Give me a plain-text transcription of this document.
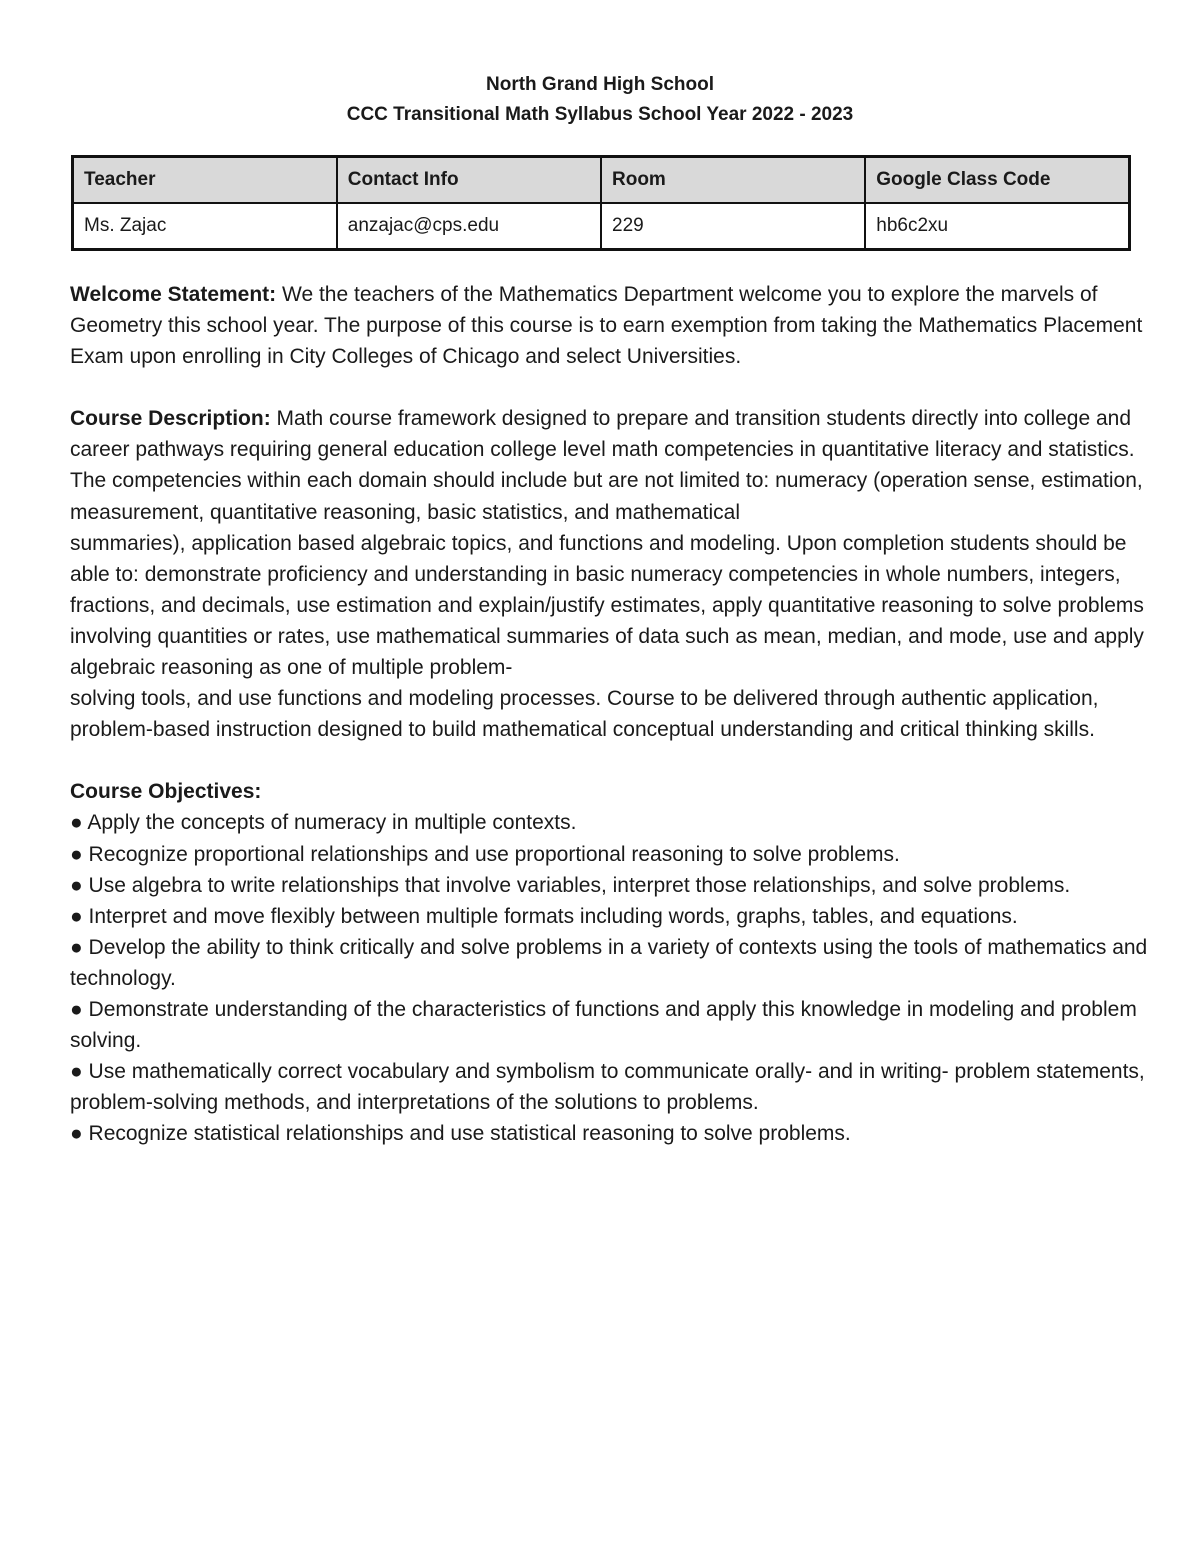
North Grand High School
CCC Transitional Math Syllabus School Year 2022 - 2023
Teacher	Contact Info	Room	Google Class Code
Ms. Zajac	anzajac@cps.edu	229	hb6c2xu

Welcome Statement: We the teachers of the Mathematics Department welcome you to explore the marvels of Geometry this school year. The purpose of this course is to earn exemption from taking the Mathematics Placement Exam upon enrolling in City Colleges of Chicago and select Universities.

Course Description: Math course framework designed to prepare and transition students directly into college and career pathways requiring general education college level math competencies in quantitative literacy and statistics. The competencies within each domain should include but are not limited to: numeracy (operation sense, estimation, measurement, quantitative reasoning, basic statistics, and mathematical

summaries), application based algebraic topics, and functions and modeling. Upon completion students should be able to: demonstrate proficiency and understanding in basic numeracy competencies in whole numbers, integers, fractions, and decimals, use estimation and explain/justify estimates, apply quantitative reasoning to solve problems involving quantities or rates, use mathematical summaries of data such as mean, median, and mode, use and apply algebraic reasoning as one of multiple problem-

solving tools, and use functions and modeling processes. Course to be delivered through authentic application, problem-based instruction designed to build mathematical conceptual understanding and critical thinking skills.

Course Objectives:

● Apply the concepts of numeracy in multiple contexts.
● Recognize proportional relationships and use proportional reasoning to solve problems.
● Use algebra to write relationships that involve variables, interpret those relationships, and solve problems.
● Interpret and move flexibly between multiple formats including words, graphs, tables, and equations.
● Develop the ability to think critically and solve problems in a variety of contexts using the tools of mathematics and technology.
● Demonstrate understanding of the characteristics of functions and apply this knowledge in modeling and problem solving.
● Use mathematically correct vocabulary and symbolism to communicate orally- and in writing- problem statements, problem-solving methods, and interpretations of the solutions to problems.
● Recognize statistical relationships and use statistical reasoning to solve problems.
